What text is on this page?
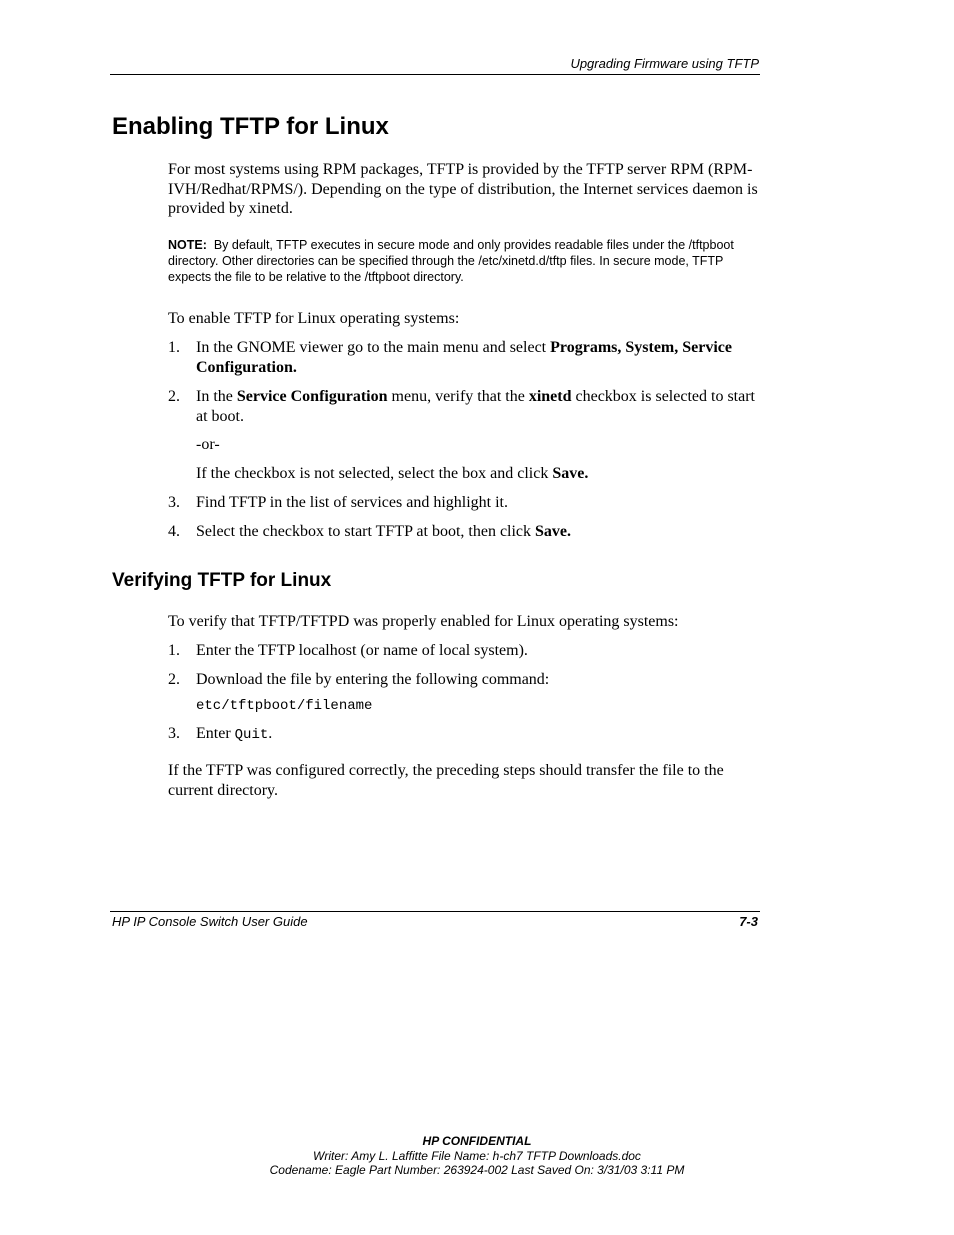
Upgrading Firmware using TFTP
Enabling TFTP for Linux

For most systems using RPM packages, TFTP is provided by the TFTP server RPM (RPM-IVH/Redhat/RPMS/). Depending on the type of distribution, the Internet services daemon is provided by xinetd.

NOTE: By default, TFTP executes in secure mode and only provides readable files under the /tftpboot directory. Other directories can be specified through the /etc/xinetd.d/tftp files. In secure mode, TFTP expects the file to be relative to the /tftpboot directory.

To enable TFTP for Linux operating systems:

1. In the GNOME viewer go to the main menu and select Programs, System, Service Configuration.
2. In the Service Configuration menu, verify that the xinetd checkbox is selected to start at boot.
-or-
If the checkbox is not selected, select the box and click Save.
3. Find TFTP in the list of services and highlight it.
4. Select the checkbox to start TFTP at boot, then click Save.
Verifying TFTP for Linux

To verify that TFTP/TFTPD was properly enabled for Linux operating systems:

1. Enter the TFTP localhost (or name of local system).
2. Download the file by entering the following command:
etc/tftpboot/filename
3. Enter Quit.

If the TFTP was configured correctly, the preceding steps should transfer the file to the current directory.

HP IP Console Switch User Guide	7-3
HP CONFIDENTIAL
Writer: Amy L. Laffitte File Name: h-ch7 TFTP Downloads.doc
Codename: Eagle Part Number: 263924-002 Last Saved On: 3/31/03 3:11 PM
